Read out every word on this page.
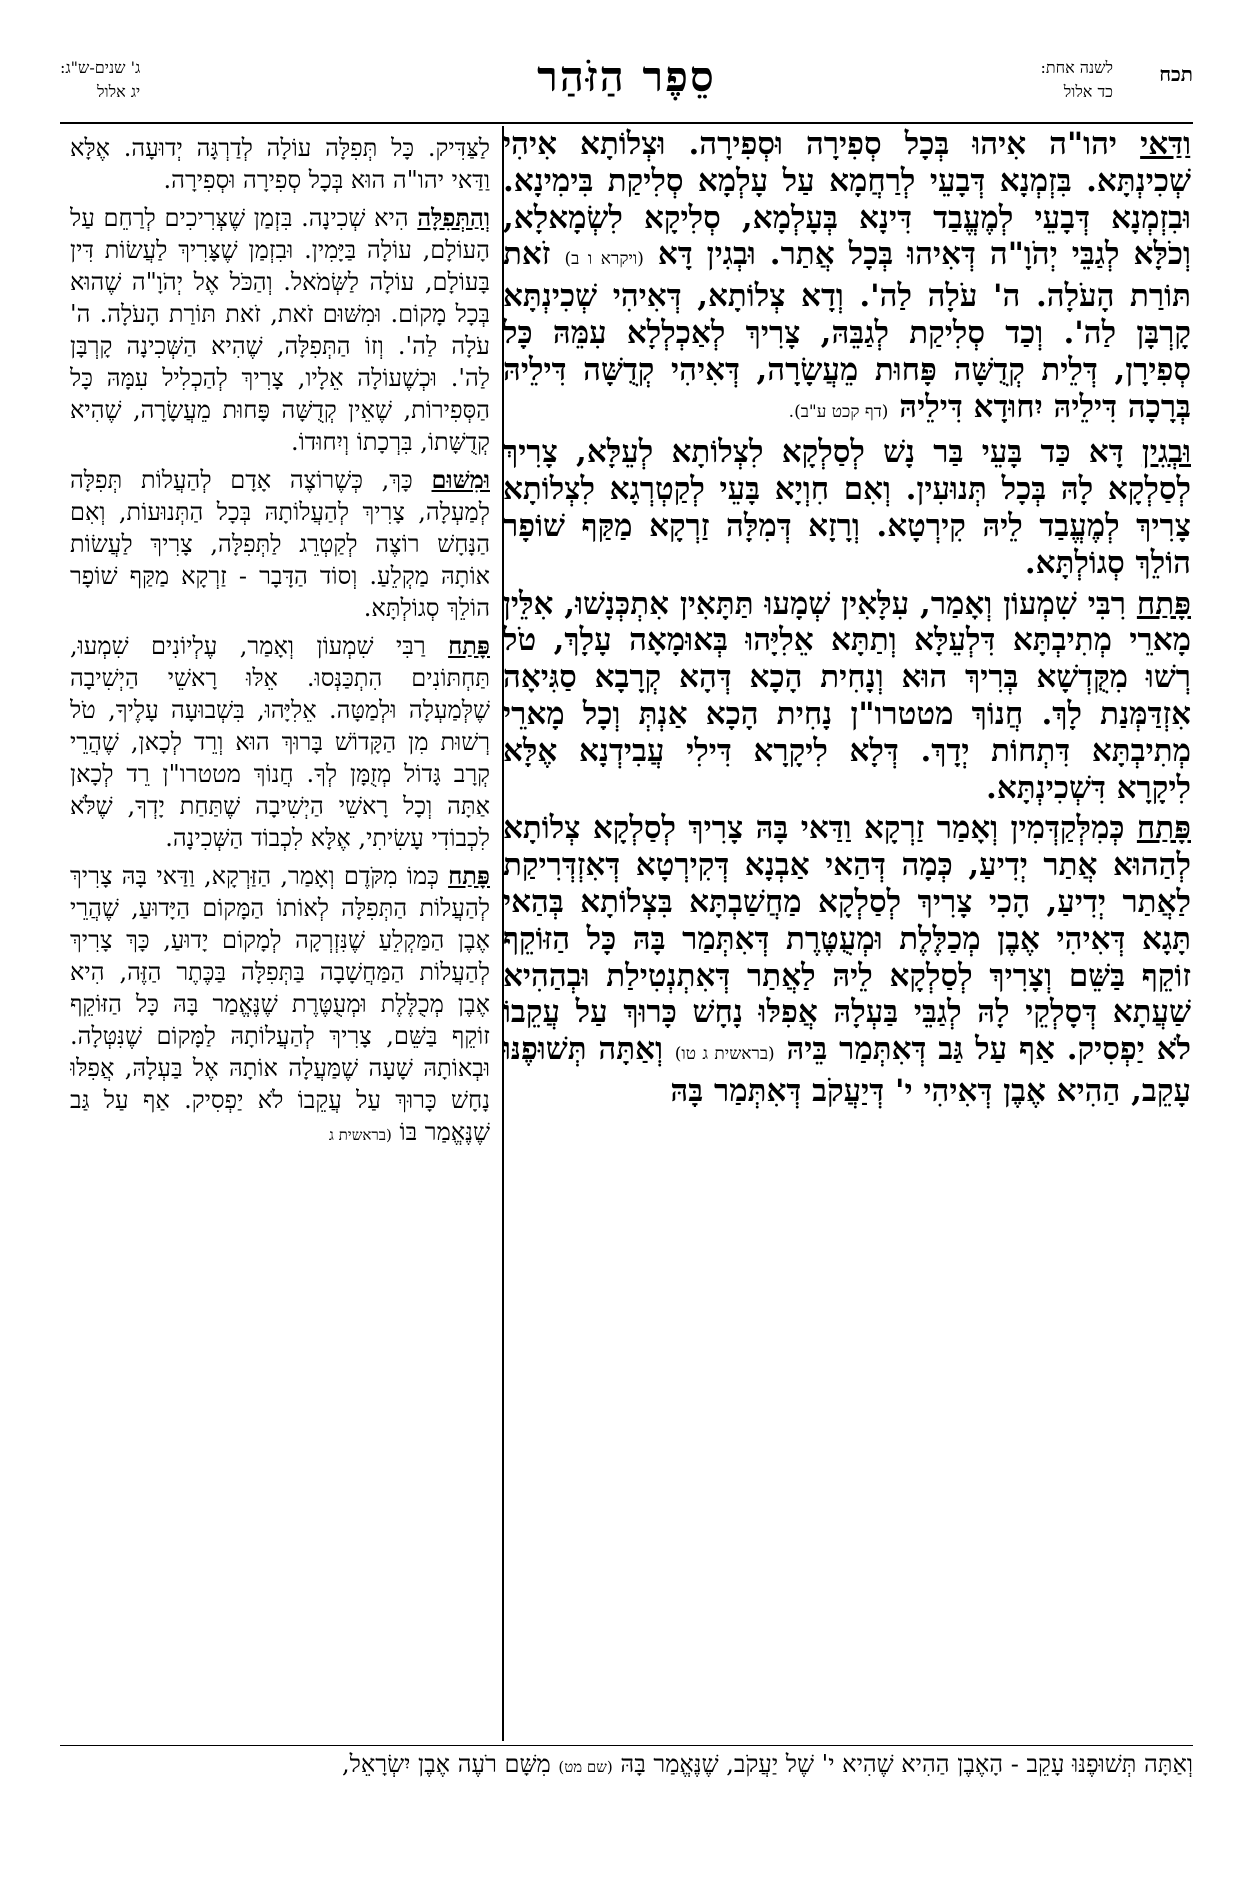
תכח
לשנה אחת:
כד אלול
סֵפֶר הַזֹּהַר
ג' שנים-ש"ג:
יג אלול

וַדַּאי יהו"ה אִיהוּ בְּכָל סְפִירָה וּסְפִירָה. וּצְלוֹתָא אִיהִי שְׁכִינְתָּא. בִּזְמְנָא דְּבָעֵי לְרַחֲמָא עַל עָלְמָא סְלִיקַת בִּימִינָא. וּבִזְמְנָא דְּבָעֵי לְמֶעֱבַד דִּינָא בְּעָלְמָא, סְלִיקָא לִשְׂמָאלָא, וְכֹלָּא לְגַבֵּי יְהֹוָ"ה דְּאִיהוּ בְּכָל אֲתַר. וּבְגִין דָּא (ויקרא ו ב) זֹאת תּוֹרַת הָעֹלָה. ה' עֹלָה לַה'. וְדָא צְלוֹתָא, דְּאִיהִי שְׁכִינְתָּא קָרְבָּן לַה'. וְכַד סְלִיקַת לְגַבֵּהּ, צָרִיךְ לְאַכְלְלָא עִמֵּהּ כָּל סְפִירָן, דְּלֵית קְדֻשָּׁה פָּחוּת מֵעֲשָׂרָה, דְּאִיהִי קְדֻשָּׁה דִּילֵיהּ בְּרָכָה דִּילֵיהּ יִחוּדָא דִּילֵיהּ (דף קכט ע"ב).

וּבְגִין דָּא כַּד בָּעֵי בַּר נָשׁ לְסַלְקָא לִצְלוֹתָא לְעֵלָּא, צָרִיךְ לְסַלְקָא לָהּ בְּכָל תְּנוּעִין. וְאִם חִוְיָא בָּעֵי לְקַטְרְגָא לִצְלוֹתָא צָרִיךְ לְמֶעֱבַד לֵיהּ קִירְטָא. וְרָזָא דְּמִלָּה זַרְקָא מַקַּף שׁוֹפָר הוֹלֵךְ סְגוֹלְתָּא.

פָּתַח רִבִּי שִׁמְעוֹן וְאָמַר, עִלָּאִין שְׁמָעוּ תַּתָּאִין אִתְכְּנָשׁוּ, אִלֵּין מָארֵי מְתִיבְתָּא דִּלְעֵלָּא וְתַתָּא אֵלִיָּהוּ בְּאוּמָאָה עָלָךְ, טֹל רְשׁוּ מִקֻּדְשָׁא בְּרִיךְ הוּא וְנָחִית הָכָא דְּהָא קְרָבָא סַגִּיאָה אִזְדַּמְּנַת לָךְ. חֲנוֹךְ מטטרו"ן נָחִית הָכָא אַנְתְּ וְכָל מָארֵי מְתִיבְתָּא דִּתְחוֹת יְדָךְ. דְּלָא לִיקָרָא דִּילִי עֲבִידְנָא אֶלָּא לִיקָרָא דִּשְׁכִינְתָּא.

פָּתַח כְּמִלְּקַדְּמִין וְאָמַר זַרְקָא וַדַּאי בָּהּ צָרִיךְ לְסַלְקָא צְלוֹתָא לְהַהוּא אֲתַר יְדִיעַ, כְּמָה דְּהַאי אַבְנָא דְּקִירְטָא דְּאִזְדְּרִיקַת לַאֲתַר יְדִיעַ, הָכִי צָרִיךְ לְסַלְקָא מַחֲשַׁבְתָּא בִּצְלוֹתָא בְּהַאי תָּגָא דְּאִיהִי אֶבֶן מְכַלֶּלֶת וּמְעֻטֶּרֶת דְּאִתְּמַר בָּהּ כָּל הַזּוֹקֵף זוֹקֵף בַּשֵּׁם וְצָרִיךְ לְסַלְקָא לֵיהּ לַאֲתַר דְּאִתְנְטִילַת וּבְהַהִיא שַׁעֲתָא דְּסָלְקֵי לָהּ לְגַבֵּי בַּעְלָהּ אֲפִלּוּ נָחָשׁ כָּרוּךְ עַל עֲקֵבוֹ לֹא יַפְסִיק. אַף עַל גַּב דְּאִתְּמַר בֵּיהּ (בראשית ג טו) וְאַתָּה תְּשׁוּפֶנּוּ עָקֵב, הַהִיא אֶבֶן דְּאִיהִי י' דְּיַעֲקֹב דְּאִתְּמַר בָּהּ

לַצַּדִּיק. כָּל תְּפִלָּה עוֹלָה לְדַרְגָּה יְדוּעָה. אֶלָּא וַדַּאי יהו"ה הוּא בְּכָל סְפִירָה וּסְפִירָה.

וְהַתְּפִלָּה הִיא שְׁכִינָה. בִּזְמַן שֶׁצְּרִיכִים לְרַחֵם עַל הָעוֹלָם, עוֹלָה בַּיָּמִין. וּבִזְמַן שֶׁצָּרִיךְ לַעֲשׂוֹת דִּין בָּעוֹלָם, עוֹלָה לַשְּׂמֹאל. וְהַכֹּל אֶל יְהֹוָ"ה שֶׁהוּא בְּכָל מָקוֹם. וּמִשּׁוּם זֹאת, זֹאת תּוֹרַת הָעֹלָה. ה' עֹלָה לַה'. וְזוֹ הַתְּפִלָּה, שֶׁהִיא הַשְּׁכִינָה קָרְבָּן לַה'. וּכְשֶׁעוֹלָה אֵלָיו, צָרִיךְ לְהַכְלִיל עִמָּהּ כָּל הַסְּפִירוֹת, שֶׁאֵין קְדֻשָּׁה פָּחוּת מֵעֲשָׂרָה, שֶׁהִיא קְדֻשָּׁתוֹ, בִּרְכָתוֹ וְיִחוּדוֹ.

וּמִשּׁוּם כָּךְ, כְּשֶׁרוֹצֶה אָדָם לְהַעֲלוֹת תְּפִלָּה לְמַעְלָה, צָרִיךְ לְהַעֲלוֹתָהּ בְּכָל הַתְּנוּעוֹת, וְאִם הַנָּחָשׁ רוֹצֶה לְקַטְרֵג לַתְּפִלָּה, צָרִיךְ לַעֲשׂוֹת אוֹתָהּ מַקְלֵעַ. וְסוֹד הַדָּבָר - זַרְקָא מַקַּף שׁוֹפָר הוֹלֵךְ סְגוֹלְתָּא.

פָּתַח רַבִּי שִׁמְעוֹן וְאָמַר, עֶלְיוֹנִים שִׁמְעוּ, תַּחְתּוֹנִים הִתְכַּנְּסוּ. אֵלּוּ רָאשֵׁי הַיְשִׁיבָה שֶׁלְּמַעְלָה וּלְמַטָּה. אֵלִיָּהוּ, בִּשְׁבוּעָה עָלֶיךָ, טֹל רְשׁוּת מִן הַקָּדוֹשׁ בָּרוּךְ הוּא וְרֵד לְכָאן, שֶׁהֲרֵי קְרָב גָּדוֹל מְזֻמָּן לְךָ. חֲנוֹךְ מטטרו"ן רֵד לְכָאן אַתָּה וְכָל רָאשֵׁי הַיְשִׁיבָה שֶׁתַּחַת יָדְךָ, שֶׁלֹּא לִכְבוֹדִי עָשִׂיתִי, אֶלָּא לִכְבוֹד הַשְּׁכִינָה.

פָּתַח כְּמוֹ מִקֹּדֶם וְאָמַר, הַזַּרְקָא, וַדַּאי בָּהּ צָרִיךְ לְהַעֲלוֹת הַתְּפִלָּה לְאוֹתוֹ הַמָּקוֹם הַיָּדוּעַ, שֶׁהֲרֵי אֶבֶן הַמַּקְלֵעַ שֶׁנִּזְרְקָה לְמָקוֹם יָדוּעַ, כָּךְ צָרִיךְ לְהַעֲלוֹת הַמַּחֲשָׁבָה בַּתְּפִלָּה בַּכֶּתֶר הַזֶּה, הִיא אֶבֶן מְכֻלֶּלֶת וּמְעֻטֶּרֶת שֶׁנֶּאֱמַר בָּהּ כָּל הַזּוֹקֵף זוֹקֵף בַּשֵּׁם, צָרִיךְ לְהַעֲלוֹתָהּ לַמָּקוֹם שֶׁנִּטְּלָה. וּבְאוֹתָהּ שָׁעָה שֶׁמַּעֲלָה אוֹתָהּ אֶל בַּעְלָהּ, אֲפִלּוּ נָחָשׁ כָּרוּךְ עַל עֲקֵבוֹ לֹא יַפְסִיק. אַף עַל גַּב שֶׁנֶּאֱמַר בּוֹ (בראשית ג

וְאַתָּה תְּשׁוּפֶנּוּ עָקֵב - הָאֶבֶן הַהִיא שֶׁהִיא י' שֶׁל יַעֲקֹב, שֶׁנֶּאֱמַר בָּהּ (שם מט) מִשָּׁם רֹעֶה אֶבֶן יִשְׂרָאֵל,
